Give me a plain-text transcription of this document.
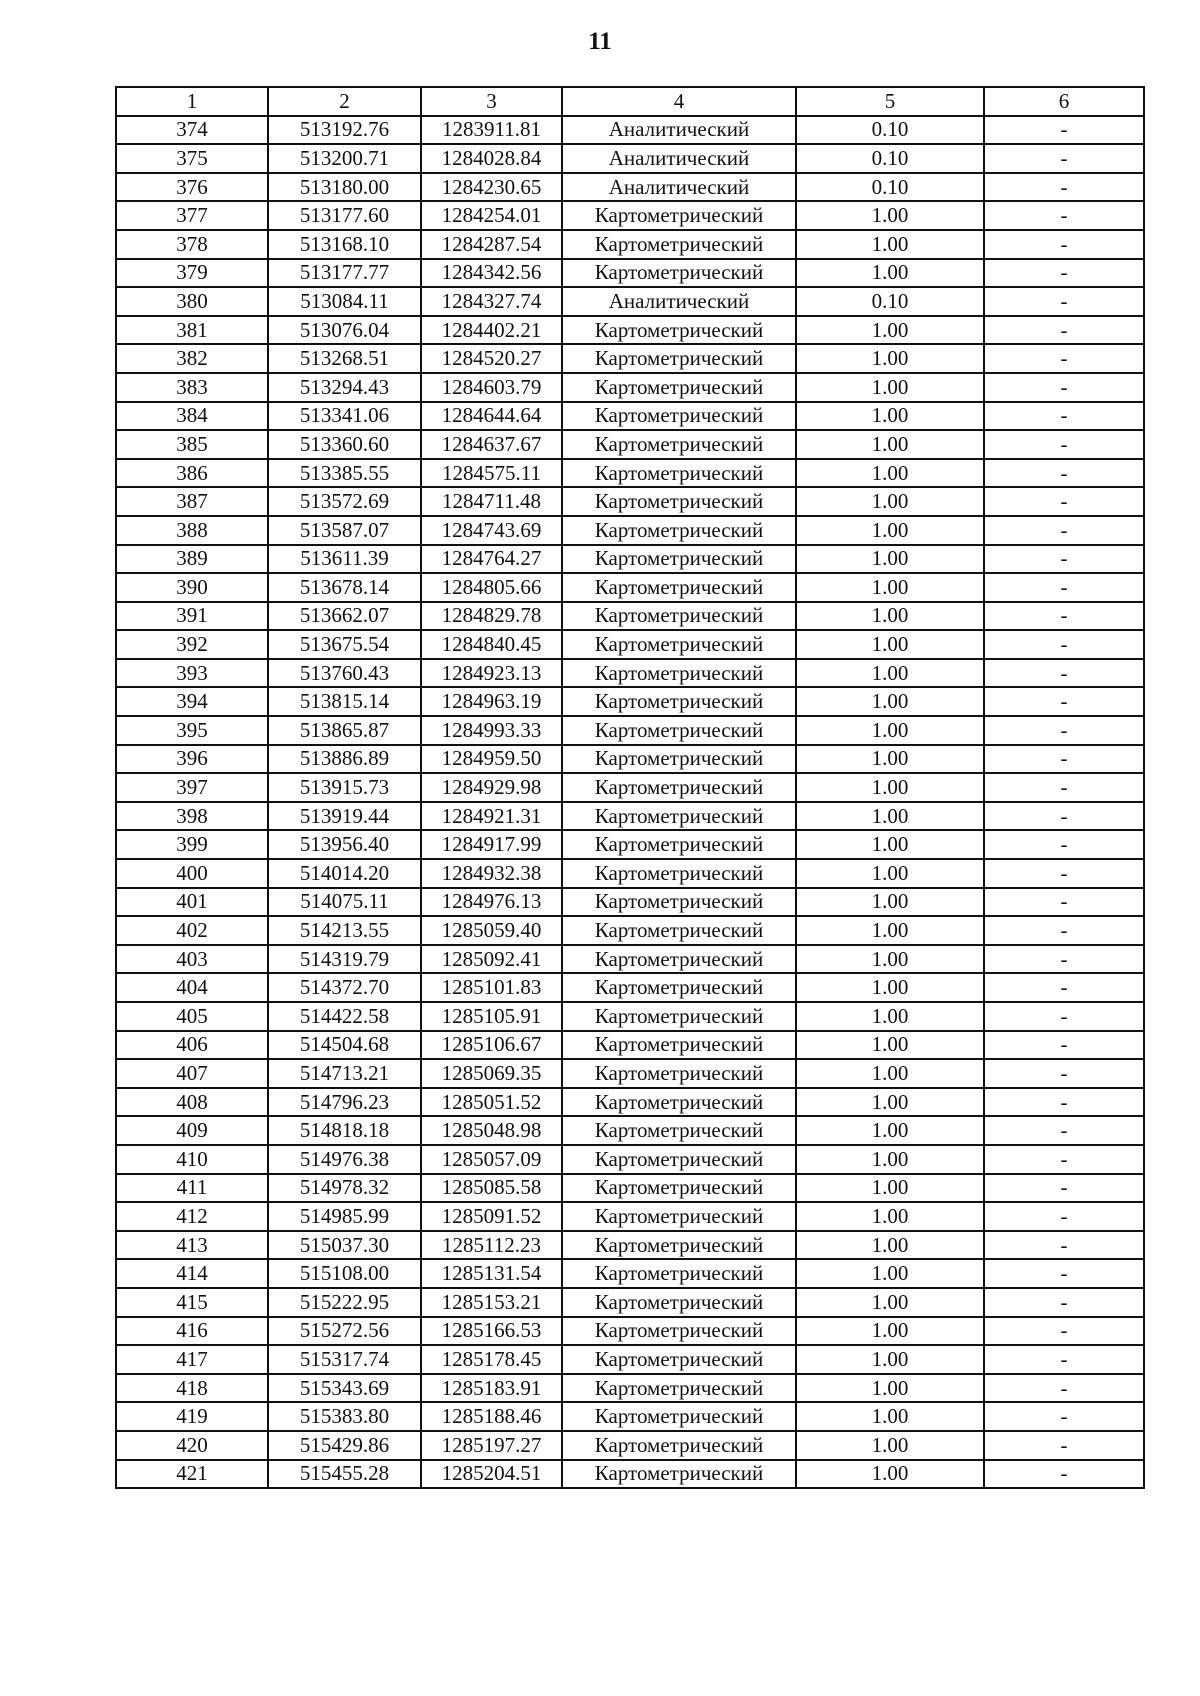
11
1	2	3	4	5	6
374	513192.76	1283911.81	Аналитический	0.10	-
375	513200.71	1284028.84	Аналитический	0.10	-
376	513180.00	1284230.65	Аналитический	0.10	-
377	513177.60	1284254.01	Картометрический	1.00	-
378	513168.10	1284287.54	Картометрический	1.00	-
379	513177.77	1284342.56	Картометрический	1.00	-
380	513084.11	1284327.74	Аналитический	0.10	-
381	513076.04	1284402.21	Картометрический	1.00	-
382	513268.51	1284520.27	Картометрический	1.00	-
383	513294.43	1284603.79	Картометрический	1.00	-
384	513341.06	1284644.64	Картометрический	1.00	-
385	513360.60	1284637.67	Картометрический	1.00	-
386	513385.55	1284575.11	Картометрический	1.00	-
387	513572.69	1284711.48	Картометрический	1.00	-
388	513587.07	1284743.69	Картометрический	1.00	-
389	513611.39	1284764.27	Картометрический	1.00	-
390	513678.14	1284805.66	Картометрический	1.00	-
391	513662.07	1284829.78	Картометрический	1.00	-
392	513675.54	1284840.45	Картометрический	1.00	-
393	513760.43	1284923.13	Картометрический	1.00	-
394	513815.14	1284963.19	Картометрический	1.00	-
395	513865.87	1284993.33	Картометрический	1.00	-
396	513886.89	1284959.50	Картометрический	1.00	-
397	513915.73	1284929.98	Картометрический	1.00	-
398	513919.44	1284921.31	Картометрический	1.00	-
399	513956.40	1284917.99	Картометрический	1.00	-
400	514014.20	1284932.38	Картометрический	1.00	-
401	514075.11	1284976.13	Картометрический	1.00	-
402	514213.55	1285059.40	Картометрический	1.00	-
403	514319.79	1285092.41	Картометрический	1.00	-
404	514372.70	1285101.83	Картометрический	1.00	-
405	514422.58	1285105.91	Картометрический	1.00	-
406	514504.68	1285106.67	Картометрический	1.00	-
407	514713.21	1285069.35	Картометрический	1.00	-
408	514796.23	1285051.52	Картометрический	1.00	-
409	514818.18	1285048.98	Картометрический	1.00	-
410	514976.38	1285057.09	Картометрический	1.00	-
411	514978.32	1285085.58	Картометрический	1.00	-
412	514985.99	1285091.52	Картометрический	1.00	-
413	515037.30	1285112.23	Картометрический	1.00	-
414	515108.00	1285131.54	Картометрический	1.00	-
415	515222.95	1285153.21	Картометрический	1.00	-
416	515272.56	1285166.53	Картометрический	1.00	-
417	515317.74	1285178.45	Картометрический	1.00	-
418	515343.69	1285183.91	Картометрический	1.00	-
419	515383.80	1285188.46	Картометрический	1.00	-
420	515429.86	1285197.27	Картометрический	1.00	-
421	515455.28	1285204.51	Картометрический	1.00	-
